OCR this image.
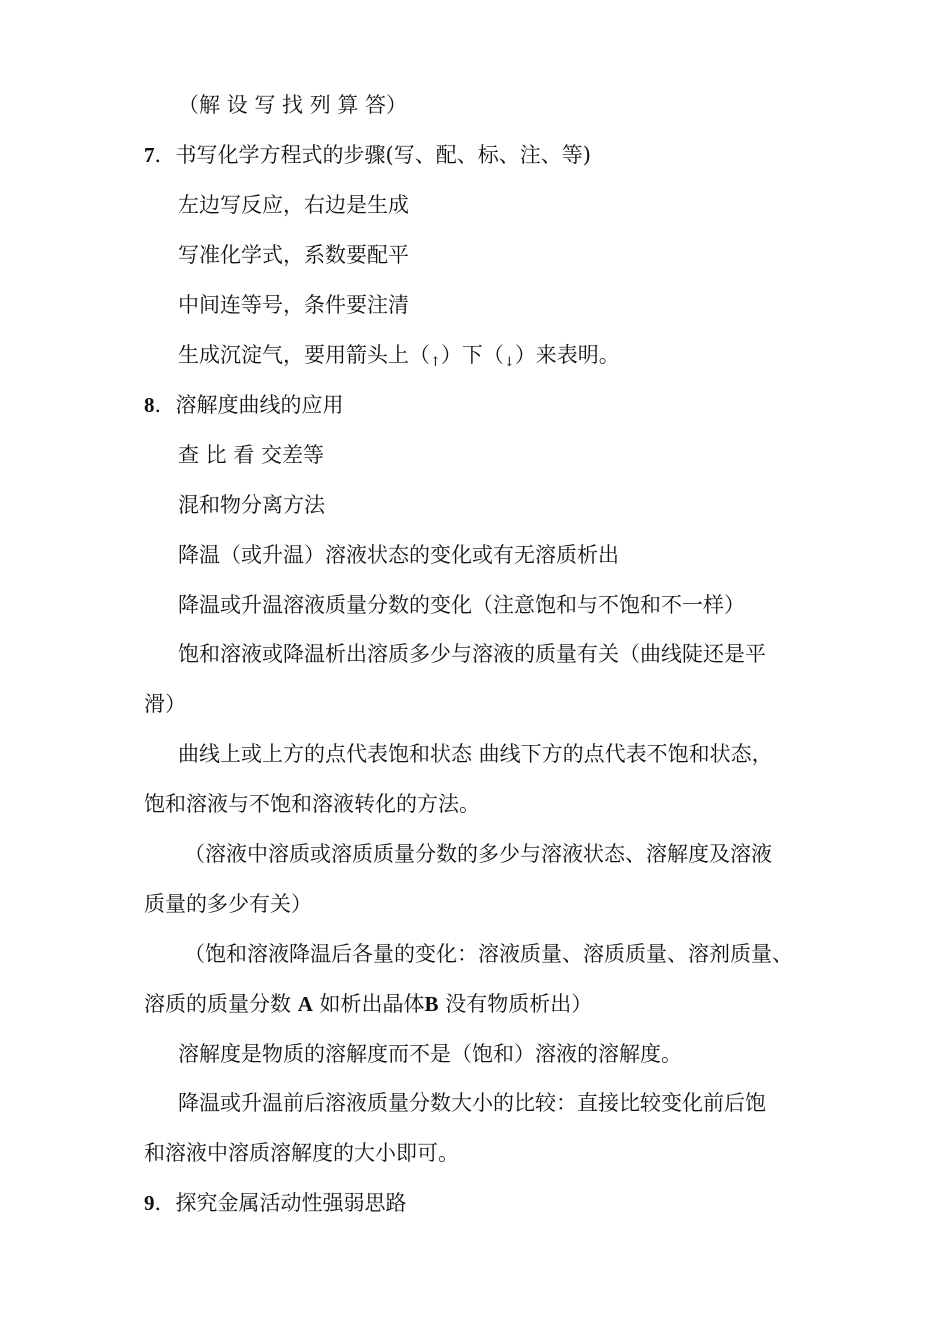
（解 设 写 找 列 算 答）
7．书写化学方程式的步骤(写、配、标、注、等)
左边写反应，右边是生成
写准化学式，系数要配平
中间连等号，条件要注清
生成沉淀气，要用箭头上（↑）下（↓）来表明。
8．溶解度曲线的应用
查 比 看 交差等
混和物分离方法
降温（或升温）溶液状态的变化或有无溶质析出
降温或升温溶液质量分数的变化（注意饱和与不饱和不一样）
饱和溶液或降温析出溶质多少与溶液的质量有关（曲线陡还是平
滑）
曲线上或上方的点代表饱和状态 曲线下方的点代表不饱和状态，
饱和溶液与不饱和溶液转化的方法。
（溶液中溶质或溶质质量分数的多少与溶液状态、溶解度及溶液
质量的多少有关）
（饱和溶液降温后各量的变化：溶液质量、溶质质量、溶剂质量、
溶质的质量分数 A 如析出晶体B 没有物质析出）
溶解度是物质的溶解度而不是（饱和）溶液的溶解度。
降温或升温前后溶液质量分数大小的比较：直接比较变化前后饱
和溶液中溶质溶解度的大小即可。
9．探究金属活动性强弱思路
